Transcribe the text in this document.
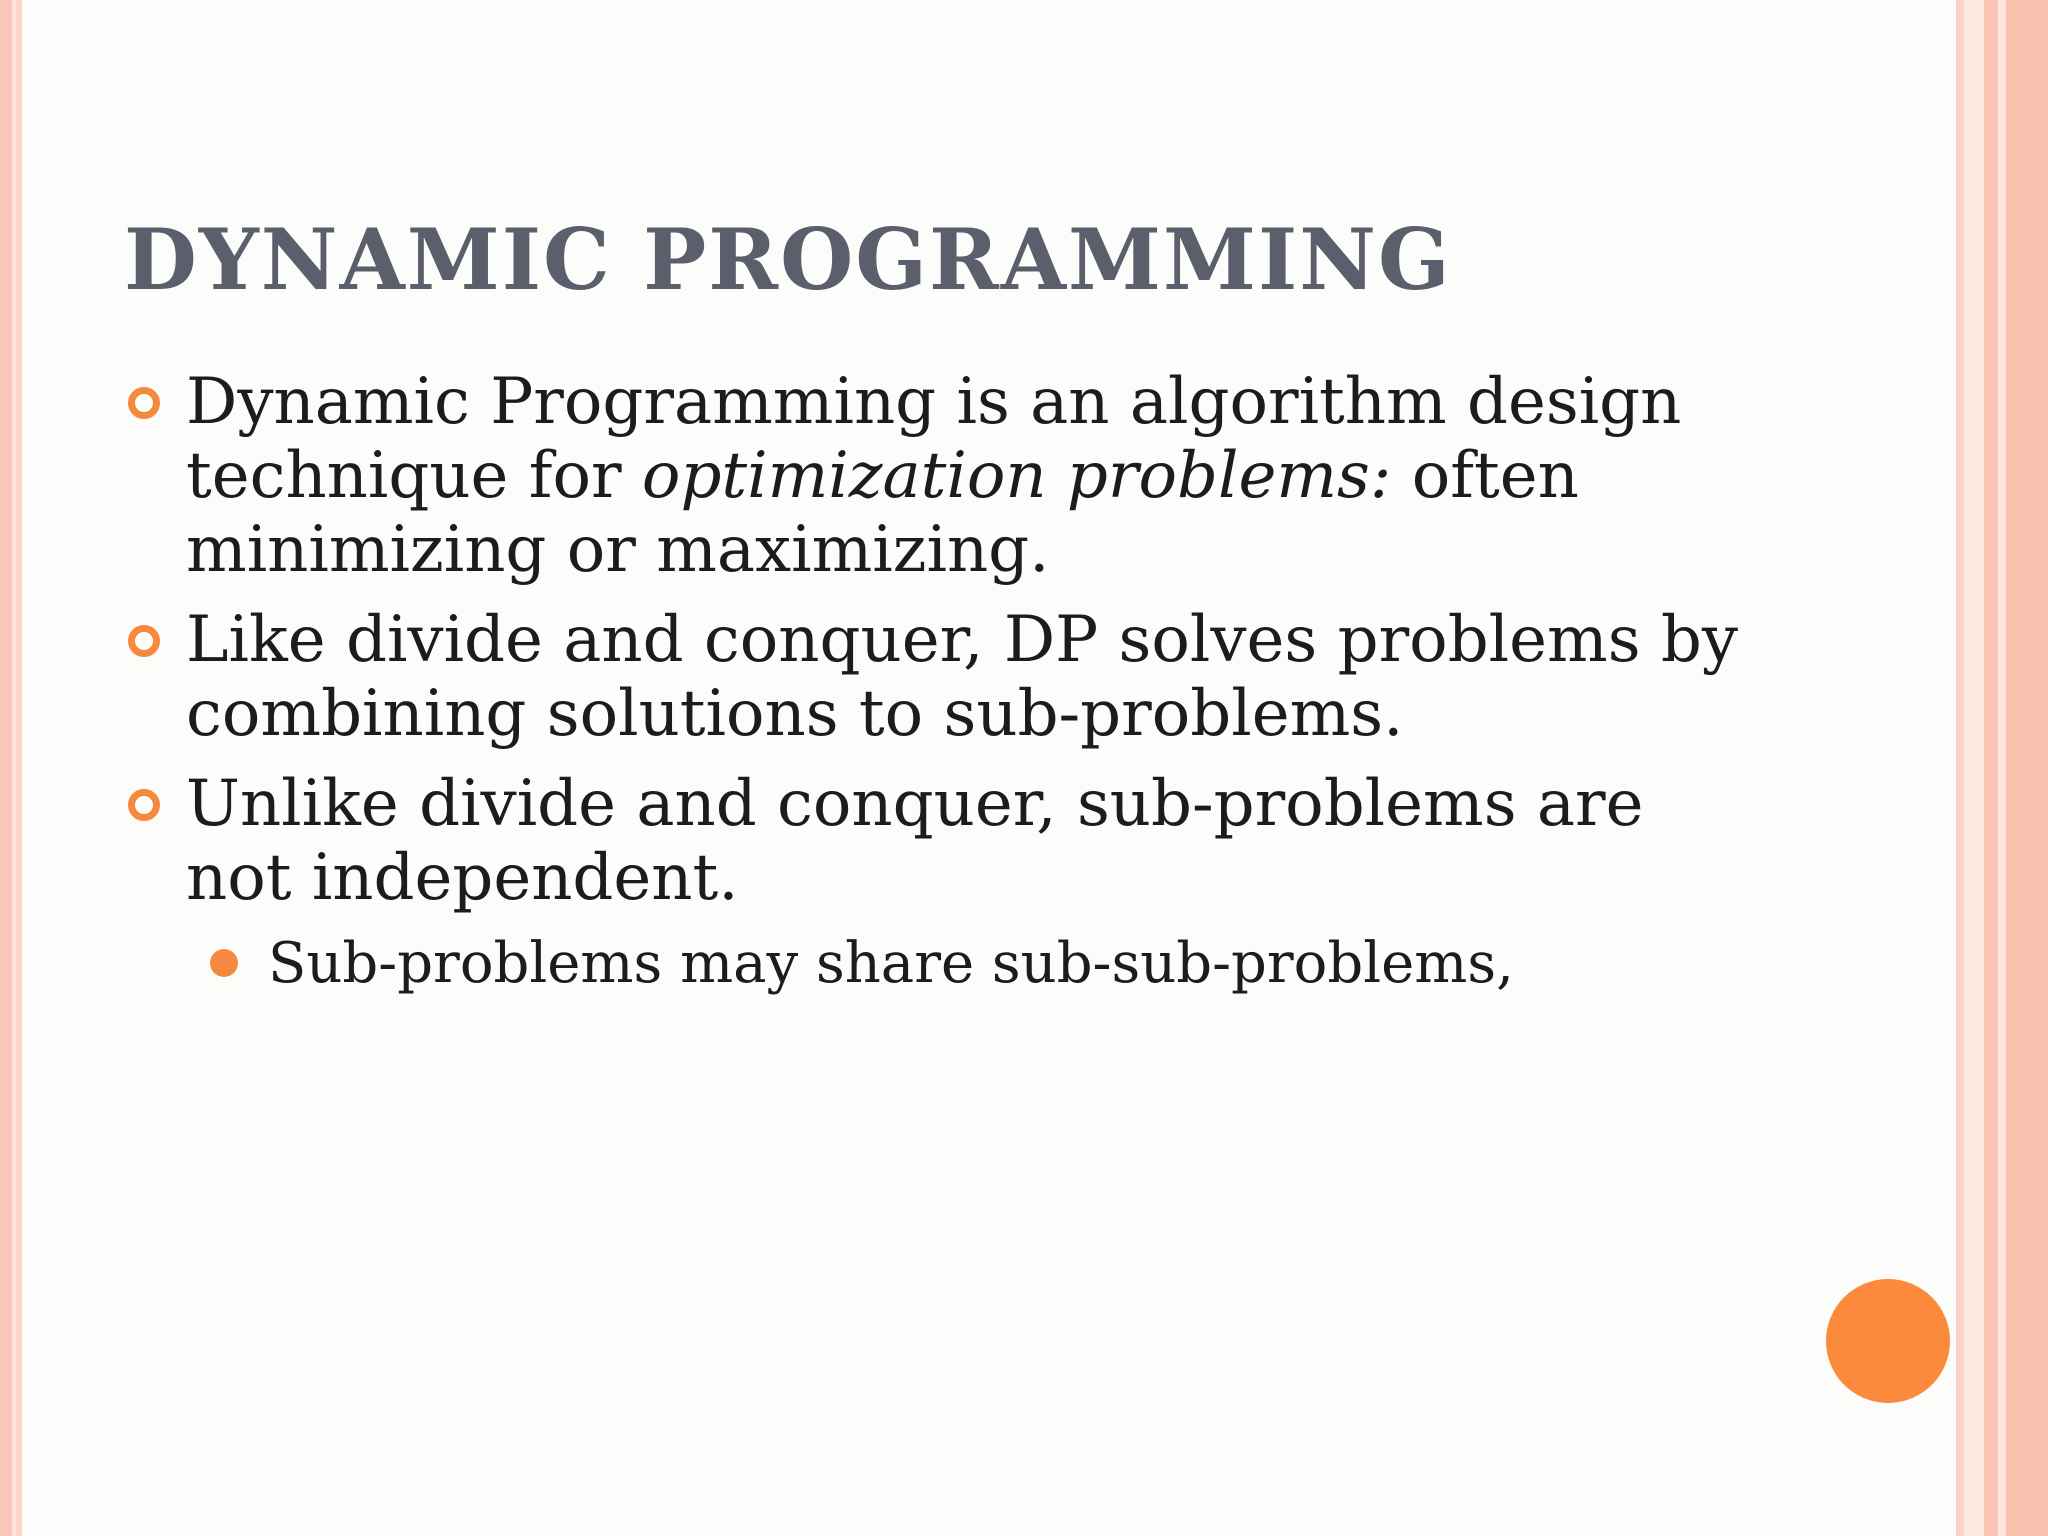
DYNAMIC PROGRAMMING
Dynamic Programming is an algorithm design technique for optimization problems: often minimizing or maximizing.
Like divide and conquer, DP solves problems by combining solutions to sub-problems.
Unlike divide and conquer, sub-problems are not independent.
Sub-problems may share sub-sub-problems,
